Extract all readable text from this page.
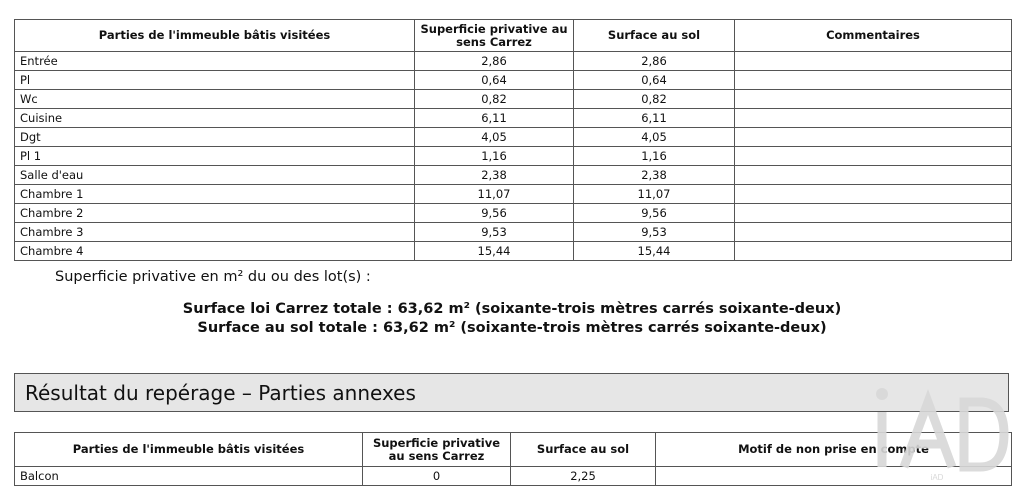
Parties de l'immeuble bâtis visitées	Superficie privative au sens Carrez	Surface au sol	Commentaires
Entrée	2,86	2,86	
Pl	0,64	0,64	
Wc	0,82	0,82	
Cuisine	6,11	6,11	
Dgt	4,05	4,05	
Pl 1	1,16	1,16	
Salle d'eau	2,38	2,38	
Chambre 1	11,07	11,07	
Chambre 2	9,56	9,56	
Chambre 3	9,53	9,53	
Chambre 4	15,44	15,44	
Superficie privative en m² du ou des lot(s) :
Surface loi Carrez totale : 63,62 m² (soixante-trois mètres carrés soixante-deux)
Surface au sol totale : 63,62 m² (soixante-trois mètres carrés soixante-deux)
Résultat du repérage – Parties annexes
Parties de l'immeuble bâtis visitées	Superficie privative au sens Carrez	Surface au sol	Motif de non prise en compte
Balcon	0	2,25		iAD
